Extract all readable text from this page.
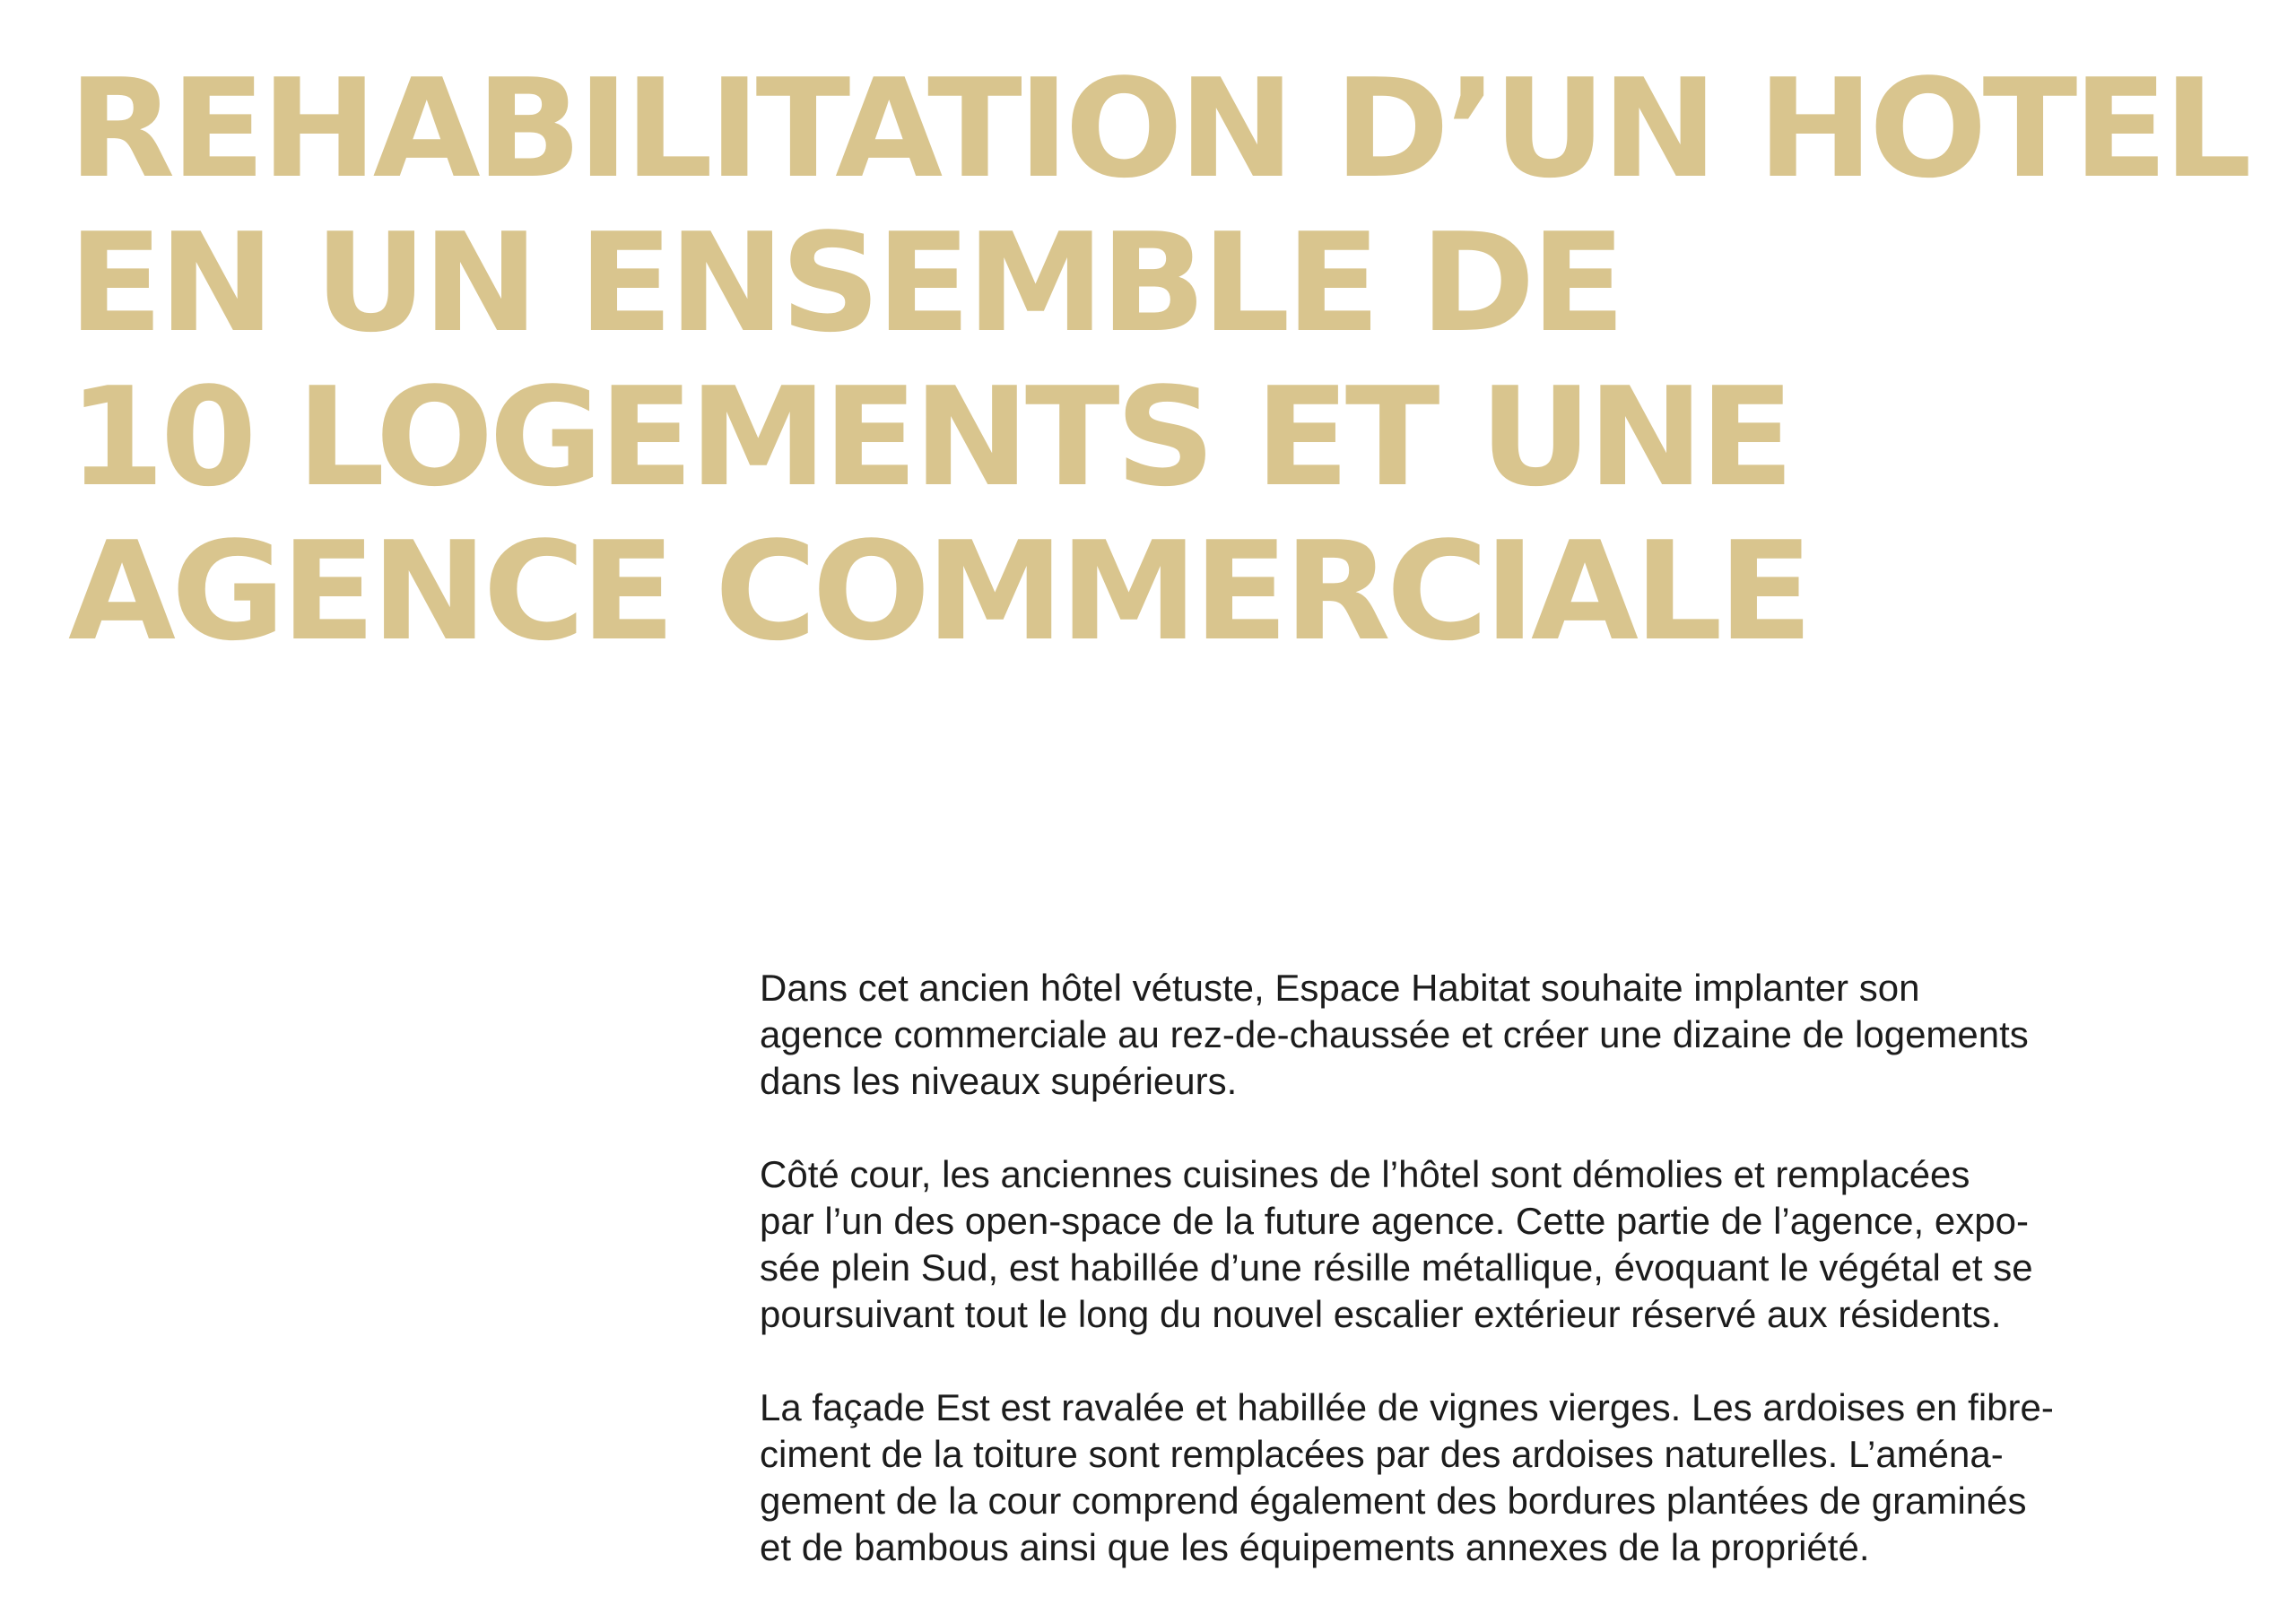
REHABILITATION D’UN HOTEL
EN UN ENSEMBLE DE
10 LOGEMENTS ET UNE
AGENCE COMMERCIALE

Dans cet ancien hôtel vétuste, Espace Habitat souhaite implanter son
agence commerciale au rez-de-chaussée et créer une dizaine de logements
dans les niveaux supérieurs.

Côté cour, les anciennes cuisines de l’hôtel sont démolies et remplacées
par l’un des open-space de la future agence. Cette partie de l’agence, expo-
sée plein Sud, est habillée d’une résille métallique, évoquant le végétal et se
poursuivant tout le long du nouvel escalier extérieur réservé aux résidents.

La façade Est est ravalée et habillée de vignes vierges. Les ardoises en fibre-
ciment de la toiture sont remplacées par des ardoises naturelles. L’aména-
gement de la cour comprend également des bordures plantées de graminés
et de bambous ainsi que les équipements annexes de la propriété.
